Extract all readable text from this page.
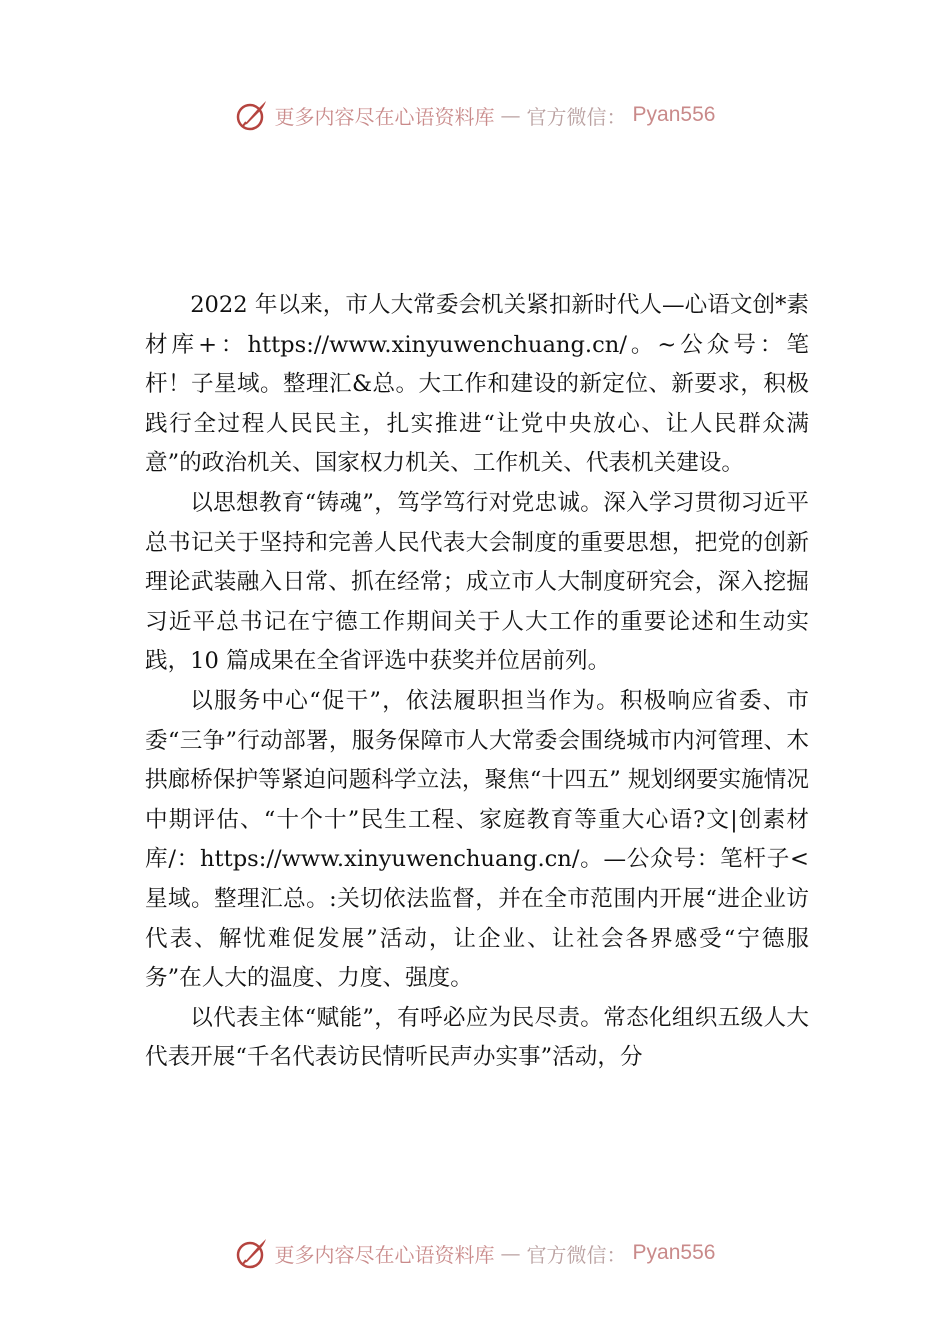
更多内容尽在心语资料库 — 官方微信： Pyan556

2022 年以来，市人大常委会机关紧扣新时代人—心语文创*素材库+：https://www.xinyuwenchuang.cn/。~公众号：笔杆！子星域。整理汇&总。大工作和建设的新定位、新要求，积极践行全过程人民民主，扎实推进“让党中央放心、让人民群众满意”的政治机关、国家权力机关、工作机关、代表机关建设。

以思想教育“铸魂”，笃学笃行对党忠诚。深入学习贯彻习近平总书记关于坚持和完善人民代表大会制度的重要思想，把党的创新理论武装融入日常、抓在经常；成立市人大制度研究会，深入挖掘习近平总书记在宁德工作期间关于人大工作的重要论述和生动实践，10 篇成果在全省评选中获奖并位居前列。

以服务中心“促干”，依法履职担当作为。积极响应省委、市委“三争”行动部署，服务保障市人大常委会围绕城市内河管理、木拱廊桥保护等紧迫问题科学立法，聚焦“十四五” 规划纲要实施情况中期评估、“十个十”民生工程、家庭教育等重大心语?文|创素材库/：https://www.xinyuwenchuang.cn/。—公众号：笔杆子<星域。整理汇总。:关切依法监督，并在全市范围内开展“进企业访代表、解忧难促发展”活动，让企业、让社会各界感受“宁德服务”在人大的温度、力度、强度。

以代表主体“赋能”，有呼必应为民尽责。常态化组织五级人大代表开展“千名代表访民情听民声办实事”活动，分

更多内容尽在心语资料库 — 官方微信： Pyan556
